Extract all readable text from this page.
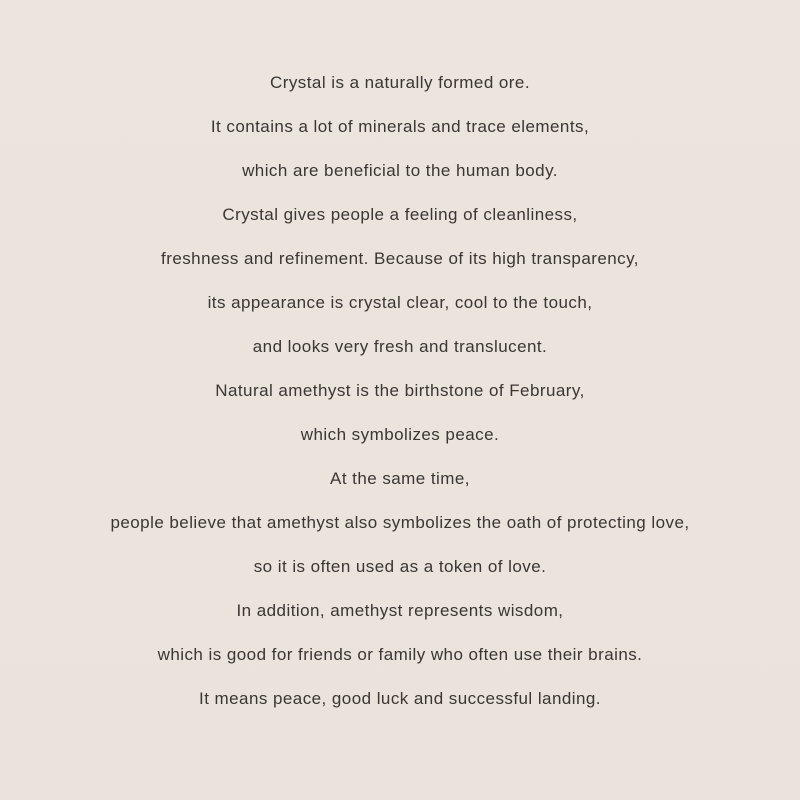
Crystal is a naturally formed ore.
It contains a lot of minerals and trace elements,
which are beneficial to the human body.
Crystal gives people a feeling of cleanliness,
freshness and refinement. Because of its high transparency,
its appearance is crystal clear, cool to the touch,
and looks very fresh and translucent.
Natural amethyst is the birthstone of February,
which symbolizes peace.
At the same time,
people believe that amethyst also symbolizes the oath of protecting love,
so it is often used as a token of love.
In addition, amethyst represents wisdom,
which is good for friends or family who often use their brains.
It means peace, good luck and successful landing.
